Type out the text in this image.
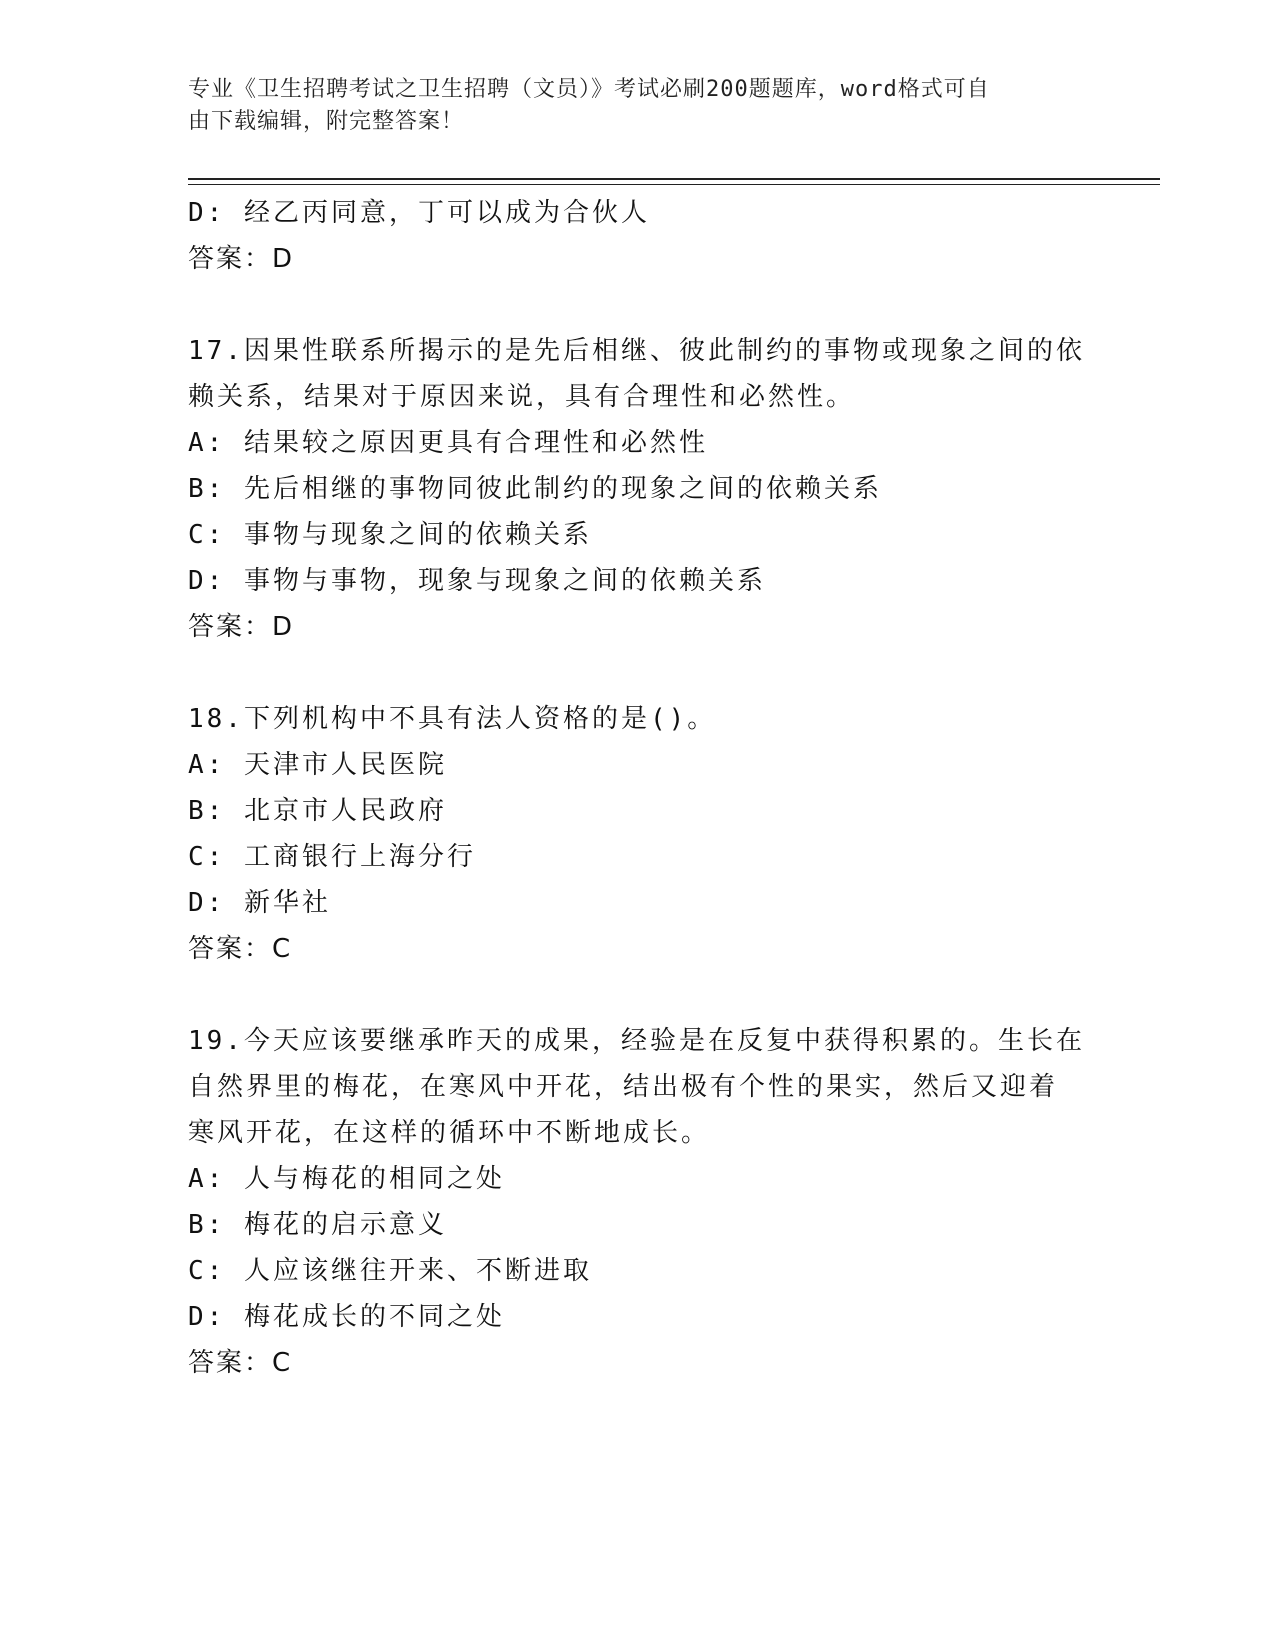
专业《卫生招聘考试之卫生招聘（文员）》考试必刷200题题库，word格式可自
由下载编辑，附完整答案！
D: 经乙丙同意，丁可以成为合伙人
答案：D
17.因果性联系所揭示的是先后相继、彼此制约的事物或现象之间的依
赖关系，结果对于原因来说，具有合理性和必然性。
A: 结果较之原因更具有合理性和必然性
B: 先后相继的事物同彼此制约的现象之间的依赖关系
C: 事物与现象之间的依赖关系
D: 事物与事物，现象与现象之间的依赖关系
答案：D
18.下列机构中不具有法人资格的是()。
A: 天津市人民医院
B: 北京市人民政府
C: 工商银行上海分行
D: 新华社
答案：C
19.今天应该要继承昨天的成果，经验是在反复中获得积累的。生长在
自然界里的梅花，在寒风中开花，结出极有个性的果实，然后又迎着
寒风开花，在这样的循环中不断地成长。
A: 人与梅花的相同之处
B: 梅花的启示意义
C: 人应该继往开来、不断进取
D: 梅花成长的不同之处
答案：C
